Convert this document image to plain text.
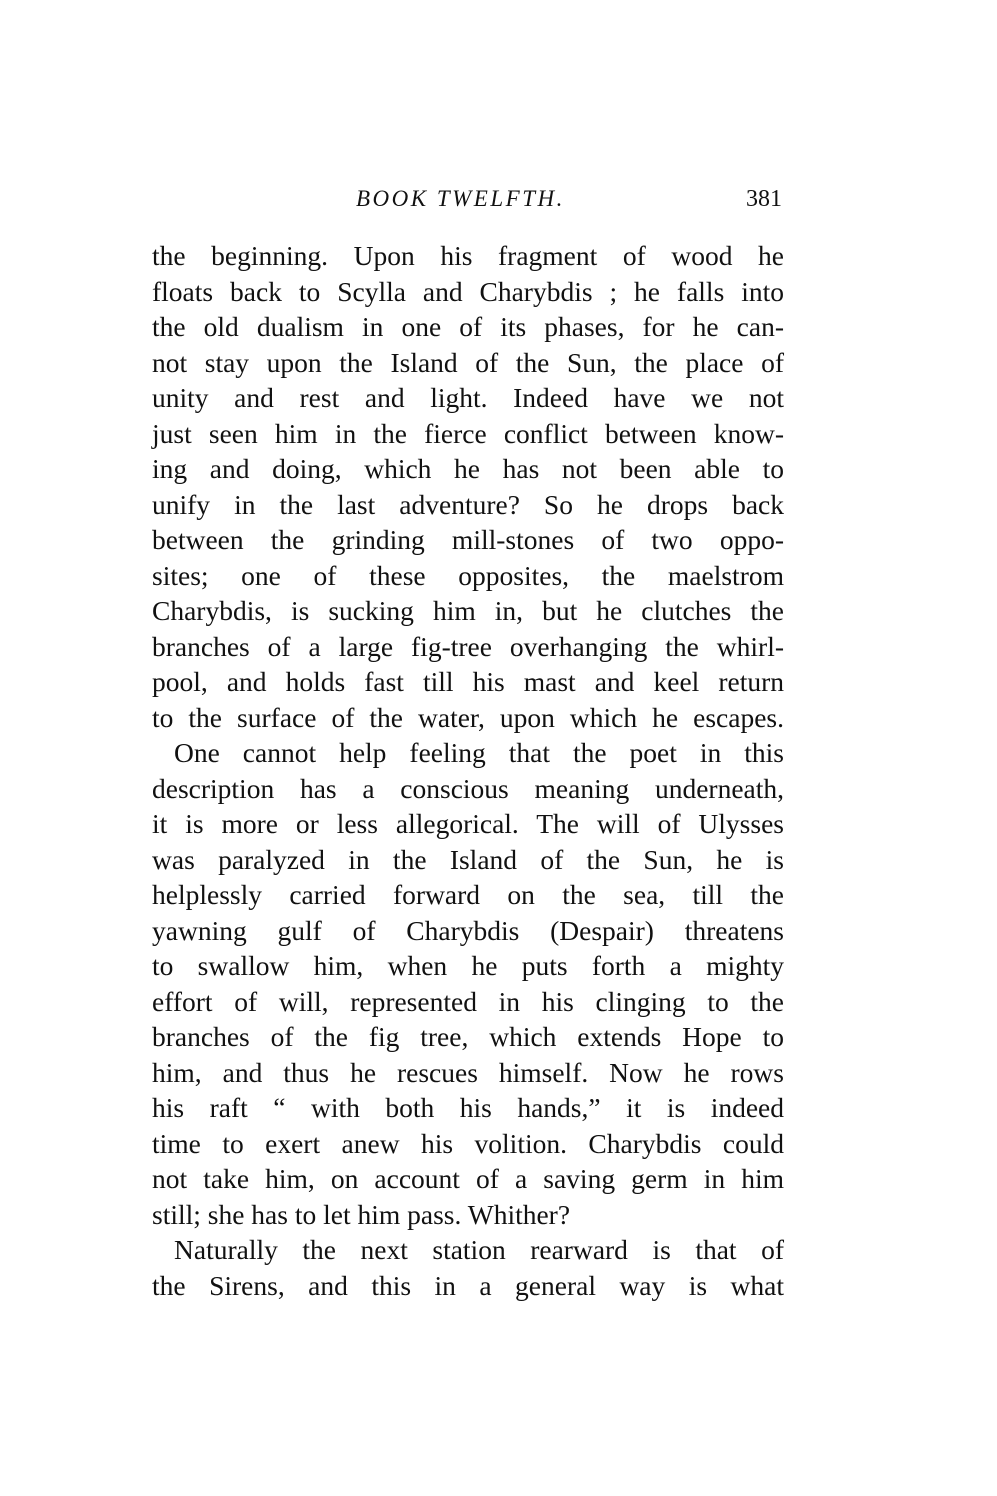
BOOK TWELFTH.	381
the beginning. Upon his fragment of wood he
floats back to Scylla and Charybdis ; he falls into
the old dualism in one of its phases, for he can-
not stay upon the Island of the Sun, the place of
unity and rest and light. Indeed have we not
just seen him in the fierce conflict between know-
ing and doing, which he has not been able to
unify in the last adventure? So he drops back
between the grinding mill-stones of two oppo-
sites; one of these opposites, the maelstrom
Charybdis, is sucking him in, but he clutches the
branches of a large fig-tree overhanging the whirl-
pool, and holds fast till his mast and keel return
to the surface of the water, upon which he escapes.
One cannot help feeling that the poet in this
description has a conscious meaning underneath,
it is more or less allegorical. The will of Ulysses
was paralyzed in the Island of the Sun, he is
helplessly carried forward on the sea, till the
yawning gulf of Charybdis (Despair) threatens
to swallow him, when he puts forth a mighty
effort of will, represented in his clinging to the
branches of the fig tree, which extends Hope to
him, and thus he rescues himself. Now he rows
his raft “ with both his hands,” it is indeed
time to exert anew his volition. Charybdis could
not take him, on account of a saving germ in him
still; she has to let him pass. Whither?
Naturally the next station rearward is that of
the Sirens, and this in a general way is what
